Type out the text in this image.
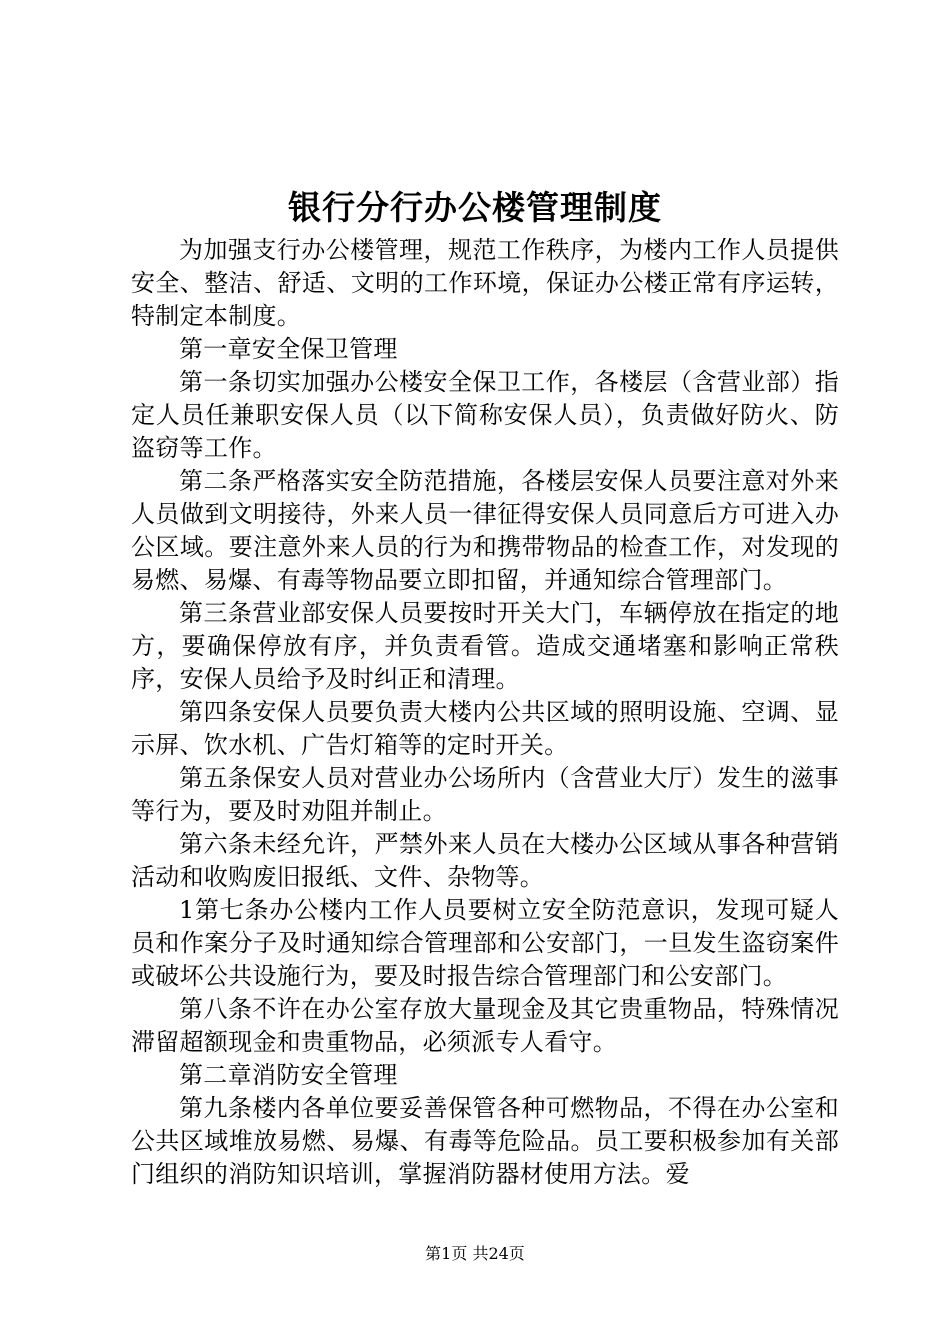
银行分行办公楼管理制度

为加强支行办公楼管理，规范工作秩序，为楼内工作人员提供安全、整洁、舒适、文明的工作环境，保证办公楼正常有序运转，特制定本制度。

第一章安全保卫管理

第一条切实加强办公楼安全保卫工作，各楼层（含营业部）指定人员任兼职安保人员（以下简称安保人员），负责做好防火、防盗窃等工作。

第二条严格落实安全防范措施，各楼层安保人员要注意对外来人员做到文明接待，外来人员一律征得安保人员同意后方可进入办公区域。要注意外来人员的行为和携带物品的检查工作，对发现的易燃、易爆、有毒等物品要立即扣留，并通知综合管理部门。

第三条营业部安保人员要按时开关大门，车辆停放在指定的地方，要确保停放有序，并负责看管。造成交通堵塞和影响正常秩序，安保人员给予及时纠正和清理。

第四条安保人员要负责大楼内公共区域的照明设施、空调、显示屏、饮水机、广告灯箱等的定时开关。

第五条保安人员对营业办公场所内（含营业大厅）发生的滋事等行为，要及时劝阻并制止。

第六条未经允许，严禁外来人员在大楼办公区域从事各种营销活动和收购废旧报纸、文件、杂物等。

1第七条办公楼内工作人员要树立安全防范意识，发现可疑人员和作案分子及时通知综合管理部和公安部门，一旦发生盗窃案件或破坏公共设施行为，要及时报告综合管理部门和公安部门。

第八条不许在办公室存放大量现金及其它贵重物品，特殊情况滞留超额现金和贵重物品，必须派专人看守。

第二章消防安全管理

第九条楼内各单位要妥善保管各种可燃物品，不得在办公室和公共区域堆放易燃、易爆、有毒等危险品。员工要积极参加有关部门组织的消防知识培训，掌握消防器材使用方法。爱

第1页 共24页
